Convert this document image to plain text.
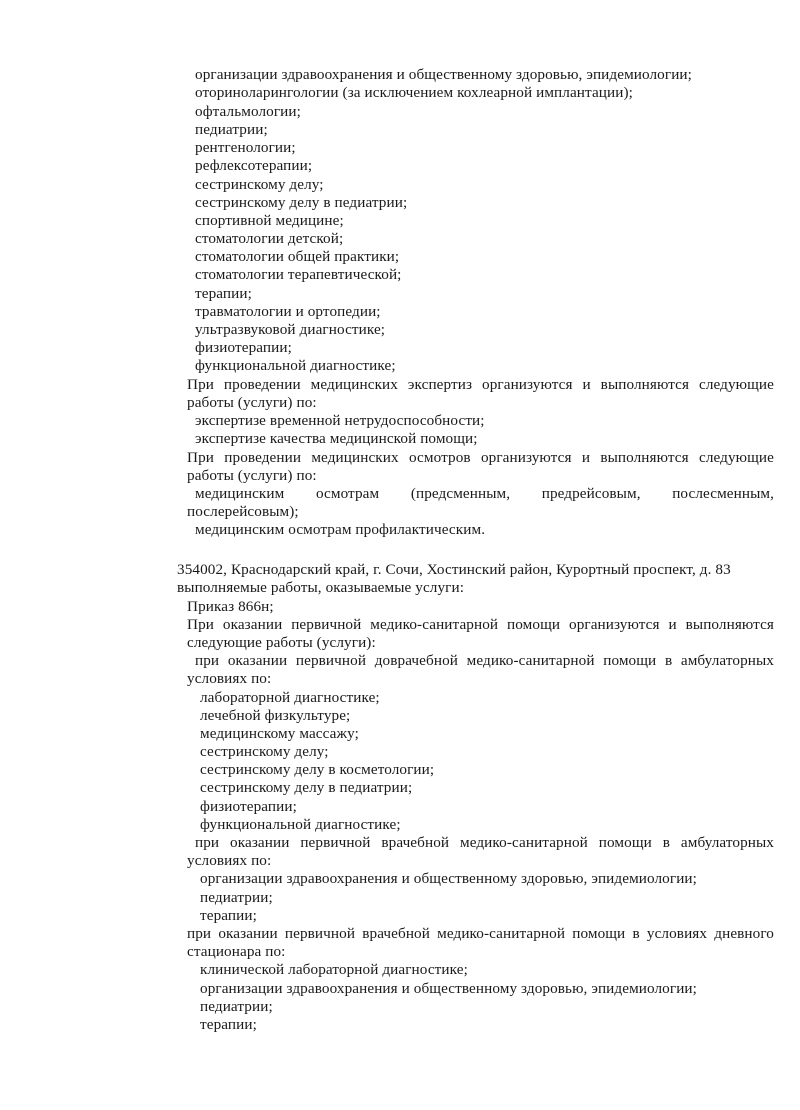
организации здравоохранения и общественному здоровью, эпидемиологии;
оториноларингологии (за исключением кохлеарной имплантации);
офтальмологии;
педиатрии;
рентгенологии;
рефлексотерапии;
сестринскому делу;
сестринскому делу в педиатрии;
спортивной медицине;
стоматологии детской;
стоматологии общей практики;
стоматологии терапевтической;
терапии;
травматологии и ортопедии;
ультразвуковой диагностике;
физиотерапии;
функциональной диагностике;
При проведении медицинских экспертиз организуются и выполняются следующие
работы (услуги) по:
экспертизе временной нетрудоспособности;
экспертизе качества медицинской помощи;
При проведении медицинских осмотров организуются и выполняются следующие
работы (услуги) по:
медицинским осмотрам (предсменным, предрейсовым, послесменным,
послерейсовым);
медицинским осмотрам профилактическим.
354002, Краснодарский край, г. Сочи, Хостинский район, Курортный проспект, д. 83
выполняемые работы, оказываемые услуги:
Приказ 866н;
При оказании первичной медико-санитарной помощи организуются и выполняются
следующие работы (услуги):
при оказании первичной доврачебной медико-санитарной помощи в амбулаторных
условиях по:
лабораторной диагностике;
лечебной физкультуре;
медицинскому массажу;
сестринскому делу;
сестринскому делу в косметологии;
сестринскому делу в педиатрии;
физиотерапии;
функциональной диагностике;
при оказании первичной врачебной медико-санитарной помощи в амбулаторных
условиях по:
организации здравоохранения и общественному здоровью, эпидемиологии;
педиатрии;
терапии;
при оказании первичной врачебной медико-санитарной помощи в условиях дневного
стационара по:
клинической лабораторной диагностике;
организации здравоохранения и общественному здоровью, эпидемиологии;
педиатрии;
терапии;
